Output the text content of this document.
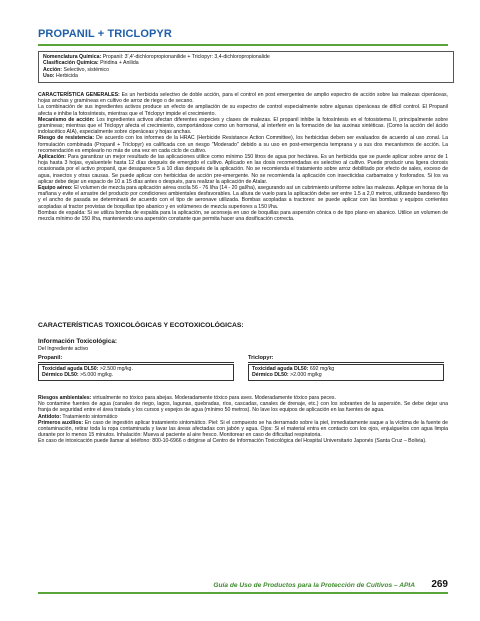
PROPANIL + TRICLOPYR
Nomenclatura Química: Propanil: 3',4'-dichloropropionanilide + Triclopyr: 3,4-dichloropropionalide
Clasificación Química: Piridina + Anilida
Acción: Selectivo, sistémico
Uso: Herbicida

CARACTERÍSTICA GENERALES: Es un herbicida selectivo de doble acción, para el control en post emergentes de amplio espectro de acción sobre las malezas ciperáceas, hojas anchas y gramíneas en cultivo de arroz de riego o de secano.

La combinación de sus ingredientes activos produce un efecto de ampliación de su espectro de control especialmente sobre algunas ciperáceas de difícil control. El Propanil afecta e inhibe la fotosíntesis, mientras que el Triclopyr impide el crecimiento.

Mecanismo de acción: Los ingredientes activos afectan diferentes especies y clases de malezas. El propanil inhibe la fotosíntesis en el fotosistema II, principalmente sobre gramíneas; mientras que el Triclopyr afecta el crecimiento, comportándose como un hormonal, al interferir en la formación de las auxinas sintéticas. (Como la acción del ácido indolacético AIA), especialmente sobre ciperáceas y hojas anchas.

Riesgo de resistencia: De acuerdo con los informes de la HRAC (Herbicide Resistance Action Committee), los herbicidas deben ser evaluados de acuerdo al uso zonal. La formulación combinada (Propanil + Triclopyr) es calificada con un riesgo "Moderado" debido a su uso en post-emergencia temprana y a sus dos mecanismos de acción. La recomendación es emplearlo no más de una vez en cada ciclo de cultivo.

Aplicación: Para garantizar un mejor resultado de las aplicaciones utilice como mínimo 150 litros de agua por hectárea. Es un herbicida que se puede aplicar sobre arroz de 1 hoja hasta 3 hojas, eyaluentele hasta 12 días después de emergido el cultivo. Aplicado en las dosis recomendadas es selectivo al cultivo. Puede producir una ligera clorosis ocasionada por el activo propanil, que desaparece 5 a 10 días después de la aplicación. No se recomienda el tratamiento sobre arroz debilitado por efecto de sales, exceso de agua, insectos y otras causas. Se puede aplicar con herbicidas de acción pre-emergente. No se recomienda la aplicación con insecticidas carbamatos y fosforados. Si los va aplicar debe dejar un espacio de 10 a 15 días antes o después, para realizar la aplicación de Atalar.

Equipo aéreo: El volumen de mezcla para aplicación aérea oscila 56 - 76 l/ha (14 - 20 gal/ha), asegurando así un cubrimiento uniforme sobre las malezas. Aplique en horas de la mañana y evite el arrastre del producto por condiciones ambientales desfavorables. La altura de vuelo para la aplicación debe ser entre 1.5 a 2,0 metros, utilizando bandereo fijo y el ancho de pasada se determinará de acuerdo con el tipo de aeronave utilizada. Bombas acopladas a tractores: se puede aplicar con las bombas y equipos corrientes acopladas al tractor provistas de boquillas tipo abanico y en volúmenes de mezcla superiores a 150 l/ha.

Bombas de espalda: Si se utiliza bomba de espalda para la aplicación, se aconseja en uso de boquillas para aspersión cónica o de tipo plano en abanico. Utilice un volumen de mezcla mínimo de 150 l/ha, manteniendo una aspersión constante que permita hacer una dosificación correcta.

CARACTERÍSTICAS TOXICOLÓGICAS Y ECOTOXICOLÓGICAS:
Información Toxicológica:
Del Ingrediente activo
Propanil:
Toxicidad aguda DL50: >2.500 mg/kg.
Dérmico DL50: >5.000 mg/kg.
Triclopyr:
Toxicidad aguda DL50: 692 mg/kg
Dérmico DL50: >2.000 mg/kg

Riesgos ambientales: virtualmente no tóxico para abejas. Moderadamente tóxico para aves. Moderadamente tóxico para peces.

No contamine fuentes de agua (canales de riego, lagos, lagunas, quebradas, ríos, cascadas, canales de drenaje, etc.) con los sobrantes de la aspersión. Se debe dejar una franja de seguridad entre el área tratada y los cursos y espejos de agua (mínimo 50 metros). No lave los equipos de aplicación en las fuentes de agua.

Antídoto: Tratamiento sintomático

Primeros auxilios: En caso de ingestión aplicar tratamiento sintomático. Piel: Si el compuesto se ha derramado sobre la piel, inmediatamente saque a la víctima de la fuente de contaminación, retirar toda la ropa contaminada y lavar las áreas afectadas con jabón y agua. Ojos: Si el material entra en contacto con los ojos, enjuáguelos con agua limpia durante por lo menos 15 minutos. Inhalación: Mueva al paciente al aire fresco. Monitorear en caso de dificultad respiratoria.

En caso de intoxicación puede llamar al teléfono: 800-10-6966 o dirigirse al Centro de Información Toxicológica del Hospital Universitario Japonés (Santa Cruz – Bolivia).

Guía de Uso de Productos para la Protección de Cultivos – APIA 269
